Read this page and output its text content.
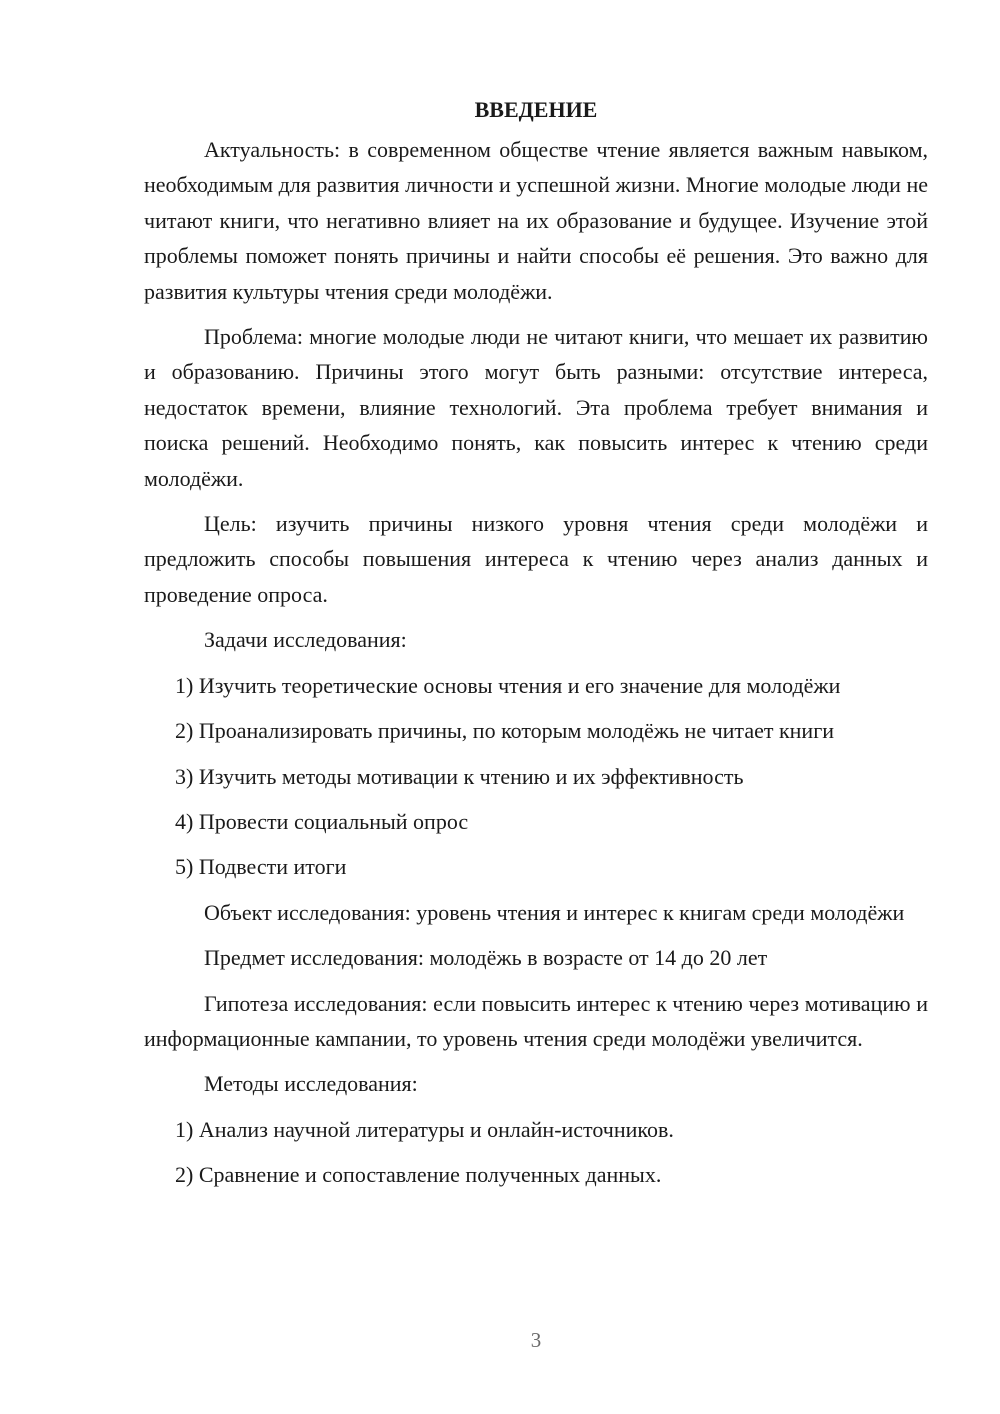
ВВЕДЕНИЕ

Актуальность: в современном обществе чтение является важным навыком, необходимым для развития личности и успешной жизни. Многие молодые люди не читают книги, что негативно влияет на их образование и будущее. Изучение этой проблемы поможет понять причины и найти способы её решения. Это важно для развития культуры чтения среди молодёжи.

Проблема: многие молодые люди не читают книги, что мешает их развитию и образованию. Причины этого могут быть разными: отсутствие интереса, недостаток времени, влияние технологий. Эта проблема требует внимания и поиска решений. Необходимо понять, как повысить интерес к чтению среди молодёжи.

Цель: изучить причины низкого уровня чтения среди молодёжи и предложить способы повышения интереса к чтению через анализ данных и проведение опроса.

Задачи исследования:

1) Изучить теоретические основы чтения и его значение для молодёжи

2) Проанализировать причины, по которым молодёжь не читает книги

3) Изучить методы мотивации к чтению и их эффективность

4) Провести социальный опрос

5) Подвести итоги

Объект исследования: уровень чтения и интерес к книгам среди молодёжи

Предмет исследования: молодёжь в возрасте от 14 до 20 лет

Гипотеза исследования: если повысить интерес к чтению через мотивацию и информационные кампании, то уровень чтения среди молодёжи увеличится.

Методы исследования:

1) Анализ научной литературы и онлайн-источников.

2) Сравнение и сопоставление полученных данных.

3
